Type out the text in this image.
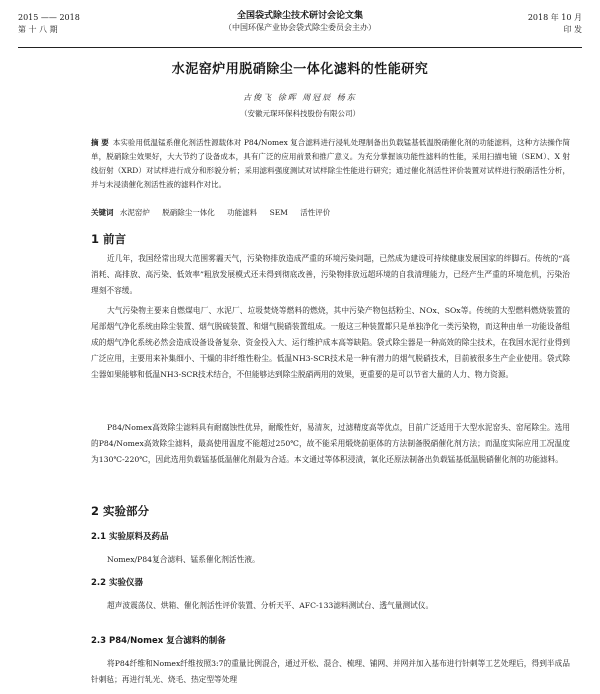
2015 —— 2018
第 十 八 期
全国袋式除尘技术研讨会论文集
（中国环保产业协会袋式除尘委员会主办）
2018 年 10 月
印 发
水泥窑炉用脱硝除尘一体化滤料的性能研究
古俊飞 徐晖 周冠辰 杨东
（安徽元琛环保科技股份有限公司）
摘 要 本实验用低温锰系催化剂活性源载体对 P84/Nomex 复合滤料进行浸轧处理制备出负载锰基低温脱硝催化剂的功能滤料，这种方法操作简单，脱硝除尘效果好，大大节约了设备成本，具有广泛的应用前景和推广意义。为充分掌握该功能性滤料的性能，采用扫描电镜（SEM）、X 射线衍射（XRD）对试样进行成分和形貌分析；采用滤料强度测试对试样除尘性能进行研究；通过催化剂活性评价装置对试样进行脱硝活性分析，并与未浸渍催化剂活性液的滤料作对比。
关键词 水泥窑炉 脱硝除尘一体化 功能滤料 SEM 活性评价
1 前言
近几年，我国经常出现大范围雾霾天气，污染物排放造成严重的环境污染问题，已然成为建设可持续健康发展国家的绊脚石。传统的“高消耗、高排放、高污染、低效率”粗放发展模式还未得到彻底改善，污染物排放远超环境的自我清理能力，已经产生严重的环境危机，污染治理刻不容缓。
大气污染物主要来自燃煤电厂、水泥厂、垃圾焚烧等燃料的燃烧，其中污染产物包括粉尘、NOx、SOx等。传统的大型燃料燃烧装置的尾部烟气净化系统由除尘装置、烟气脱硫装置、和烟气脱硝装置组成。一般这三种装置都只是单独净化一类污染物，而这种由单一功能设备组成的烟气净化系统必然会造成设备设备复杂、资金投入大、运行维护成本高等缺陷。袋式除尘器是一种高效的除尘技术，在我国水泥行业得到广泛应用，主要用来补集细小、干燥的非纤维性粉尘。低温NH3-SCR技术是一种有潜力的烟气脱硝技术，目前被很多生产企业使用。袋式除尘器如果能够和低温NH3-SCR技术结合，不但能够达到除尘脱硝两用的效果，更重要的是可以节省大量的人力、物力资源。
P84/Nomex高效除尘滤料具有耐腐蚀性优异，耐酸性好，易清灰，过滤精度高等优点，目前广泛适用于大型水泥窑头、窑尾除尘。选用的P84/Nomex高效除尘滤料，最高使用温度不能超过250℃，故不能采用煅烧前驱体的方法制备脱硝催化剂方法；而温度实际应用工况温度为130℃-220℃，因此选用负载锰基低温催化剂最为合适。本文通过等体积浸渍，氧化还原法制备出负载锰基低温脱硝催化剂的功能滤料。
2 实验部分
2.1 实验原料及药品
Nomex/P84复合滤料、锰系催化剂活性液。
2.2 实验仪器
超声波震荡仪、烘箱、催化剂活性评价装置、分析天平、AFC-133滤料测试台、透气量测试仪。
2.3 P84/Nomex 复合滤料的制备
将P84纤维和Nomex纤维按照3:7的重量比例混合，通过开松、混合、梳理、铺网、并网并加入基布进行针刺等工艺处理后，得到半成品针刺毡；再进行轧光、烧毛、热定型等处理
